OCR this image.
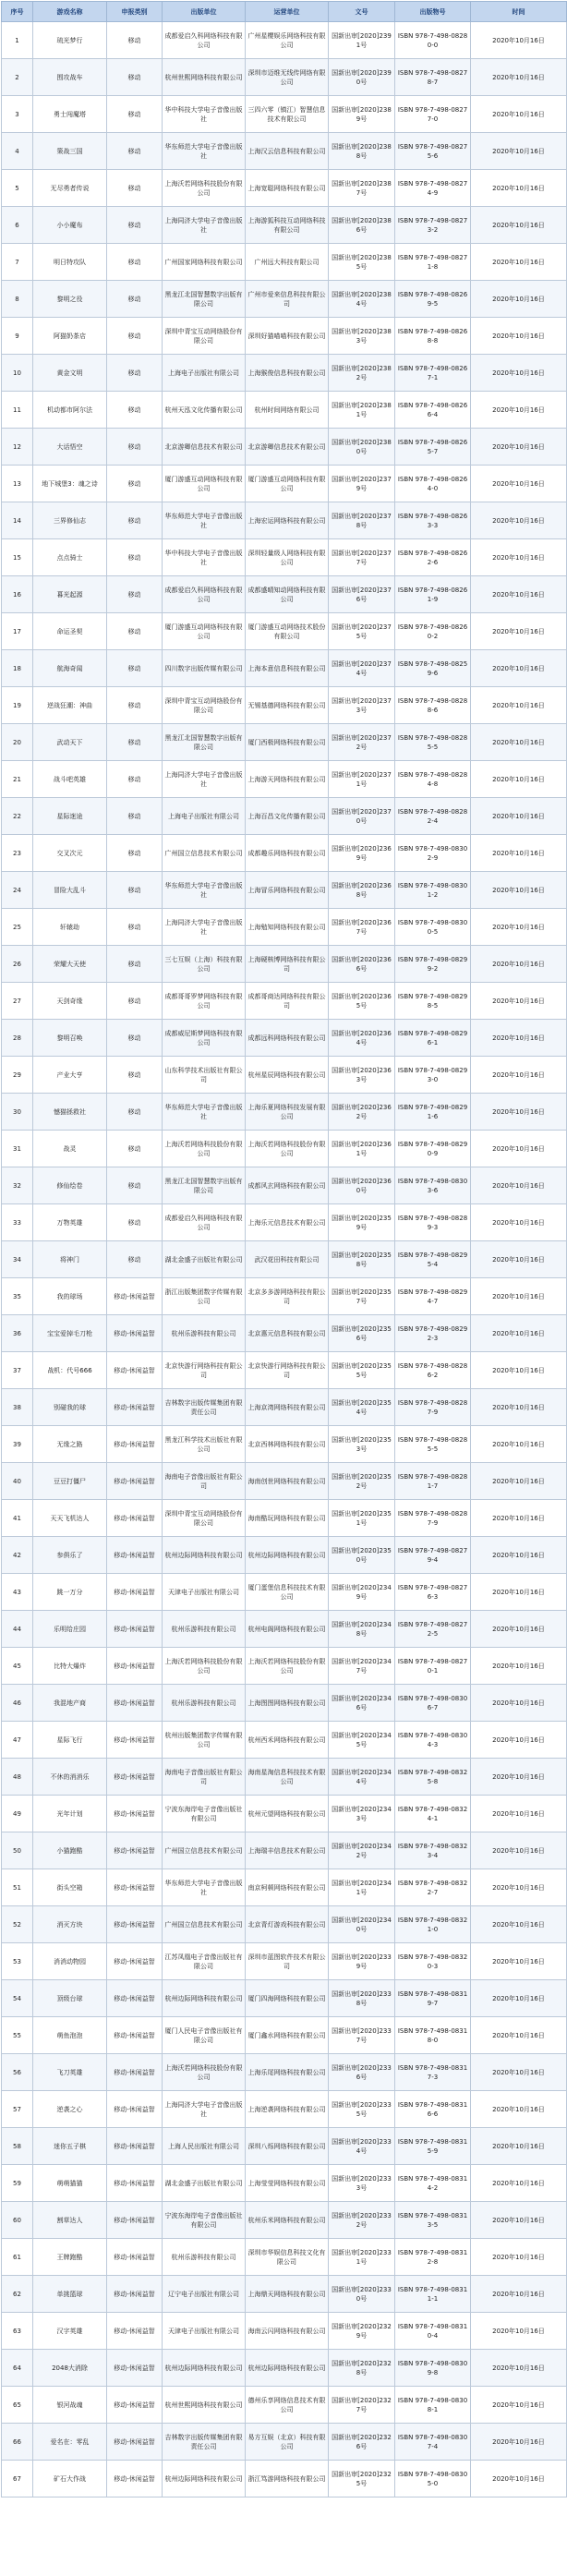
序号	游戏名称	申报类别	出版单位	运营单位	文号	出版物号	时间
1	琉光梦行	移动	成都爱启久科网络科技有限公司	广州星樱娱乐网络科技有限公司	国新出审[2020]2391号	ISBN 978-7-498-08280-0	2020年10月16日
2	围攻战车	移动	杭州世熙网络科技有限公司	深圳市迈维无线传网络有限公司	国新出审[2020]2390号	ISBN 978-7-498-08278-7	2020年10月16日
3	勇士闯魔塔	移动	华中科技大学电子音像出版社	三四六零（镇江）智慧信息技术有限公司	国新出审[2020]2389号	ISBN 978-7-498-08277-0	2020年10月16日
4	策战三国	移动	华东师范大学电子音像出版社	上海汉云信息科技有限公司	国新出审[2020]2388号	ISBN 978-7-498-08275-6	2020年10月16日
5	无尽勇者传说	移动	上海沃若网络科技股份有限公司	上海宽聪网络科技有限公司	国新出审[2020]2387号	ISBN 978-7-498-08274-9	2020年10月16日
6	小小魔布	移动	上海同济大学电子音像出版社	上海游狐科技互动网络科技有限公司	国新出审[2020]2386号	ISBN 978-7-498-08273-2	2020年10月16日
7	明日特攻队	移动	广州国家网络科技有限公司	广州远大科技有限公司	国新出审[2020]2385号	ISBN 978-7-498-08271-8	2020年10月16日
8	黎明之役	移动	黑龙江北国智慧数字出版有限公司	广州市爱来信息科技有限公司	国新出审[2020]2384号	ISBN 978-7-498-08269-5	2020年10月16日
9	阿猫奶茶店	移动	深圳中青宝互动网络股份有限公司	深圳好猫喵喵科技有限公司	国新出审[2020]2383号	ISBN 978-7-498-08268-8	2020年10月16日
10	黄金文明	移动	上海电子出版社有限公司	上海猴俊信息科技有限公司	国新出审[2020]2382号	ISBN 978-7-498-08267-1	2020年10月16日
11	机动都市阿尔法	移动	杭州天泓文化传播有限公司	杭州时间网络有限公司	国新出审[2020]2381号	ISBN 978-7-498-08266-4	2020年10月16日
12	大话悟空	移动	北京游卿信息技术有限公司	北京游卿信息技术有限公司	国新出审[2020]2380号	ISBN 978-7-498-08265-7	2020年10月16日
13	地下城堡3：魂之诗	移动	厦门游盛互动网络科技有限公司	厦门游盛互动网络科技有限公司	国新出审[2020]2379号	ISBN 978-7-498-08264-0	2020年10月16日
14	三界修仙志	移动	华东师范大学电子音像出版社	上海宏运网络科技有限公司	国新出审[2020]2378号	ISBN 978-7-498-08263-3	2020年10月16日
15	点点骑士	移动	华中科技大学电子音像出版社	深圳轻量级人网络科技有限公司	国新出审[2020]2377号	ISBN 978-7-498-08262-6	2020年10月16日
16	暮光起源	移动	成都爱启久科网络科技有限公司	成都盛晴知动网络科技有限公司	国新出审[2020]2376号	ISBN 978-7-498-08261-9	2020年10月16日
17	命运圣契	移动	厦门游盛互动网络科技有限公司	厦门游盛互动网络技术股份有限公司	国新出审[2020]2375号	ISBN 978-7-498-08260-2	2020年10月16日
18	航海奇闻	移动	四川数字出版传媒有限公司	上海本意信息科技有限公司	国新出审[2020]2374号	ISBN 978-7-498-08259-6	2020年10月16日
19	逆战狂潮：神曲	移动	深圳中青宝互动网络股份有限公司	无锡基德网络科技有限公司	国新出审[2020]2373号	ISBN 978-7-498-08288-6	2020年10月16日
20	武动天下	移动	黑龙江北国智慧数字出版有限公司	厦门西极网络科技有限公司	国新出审[2020]2372号	ISBN 978-7-498-08285-5	2020年10月16日
21	战斗吧英雄	移动	上海同济大学电子音像出版社	上海游天网络科技有限公司	国新出审[2020]2371号	ISBN 978-7-498-08284-8	2020年10月16日
22	星际迷途	移动	上海电子出版社有限公司	上海百昌文化传播有限公司	国新出审[2020]2370号	ISBN 978-7-498-08282-4	2020年10月16日
23	交叉次元	移动	广州国立信息技术有限公司	成都趣乐网络科技有限公司	国新出审[2020]2369号	ISBN 978-7-498-08302-9	2020年10月16日
24	冒险大乱斗	移动	华东师范大学电子音像出版社	上海冒乐网络科技有限公司	国新出审[2020]2368号	ISBN 978-7-498-08301-2	2020年10月16日
25	轩辕劫	移动	上海同济大学电子音像出版社	上海勉知网络科技有限公司	国新出审[2020]2367号	ISBN 978-7-498-08300-5	2020年10月16日
26	荣耀大天使	移动	三七互娱（上海）科技有限公司	上海硬核博网络科技有限公司	国新出审[2020]2366号	ISBN 978-7-498-08299-2	2020年10月16日
27	天剑奇缘	移动	成都哥哥罗梦网络科技有限公司	成都哥商达网络科技有限公司	国新出审[2020]2365号	ISBN 978-7-498-08298-5	2020年10月16日
28	黎明召唤	移动	成都威尼斯梦网络科技有限公司	成都远科网络科技有限公司	国新出审[2020]2364号	ISBN 978-7-498-08296-1	2020年10月16日
29	产业大亨	移动	山东科学技术出版社有限公司	杭州星辰网络科技有限公司	国新出审[2020]2363号	ISBN 978-7-498-08293-0	2020年10月16日
30	憾猫拯救社	移动	华东师范大学电子音像出版社	上海乐夏网络科技发展有限公司	国新出审[2020]2362号	ISBN 978-7-498-08291-6	2020年10月16日
31	战灵	移动	上海沃若网络科技股份有限公司	上海沃若网络科技股份有限公司	国新出审[2020]2361号	ISBN 978-7-498-08290-9	2020年10月16日
32	修仙绘卷	移动	黑龙江北国智慧数字出版有限公司	成都风玄网络科技有限公司	国新出审[2020]2360号	ISBN 978-7-498-08303-6	2020年10月16日
33	万物英雄	移动	成都爱启久科网络科技有限公司	上海乐元信息技术有限公司	国新出审[2020]2359号	ISBN 978-7-498-08289-3	2020年10月16日
34	将神门	移动	湖北金盛子出版社有限公司	武汉花田科技有限公司	国新出审[2020]2358号	ISBN 978-7-498-08295-4	2020年10月16日
35	我的球场	移动-休闲益智	浙江出版集团数字传媒有限公司	北京多多游网络科技有限公司	国新出审[2020]2357号	ISBN 978-7-498-08294-7	2020年10月16日
36	宝宝爱掉毛刀枪	移动-休闲益智	杭州乐游科技有限公司	北京惠元信息科技有限公司	国新出审[2020]2356号	ISBN 978-7-498-08292-3	2020年10月16日
37	战机：代号666	移动-休闲益智	北京快游行网络科技有限公司	北京快游行网络科技有限公司	国新出审[2020]2355号	ISBN 978-7-498-08286-2	2020年10月16日
38	别碰我的球	移动-休闲益智	吉林数字出版传媒集团有限责任公司	上海京湾网络科技有限公司	国新出审[2020]2354号	ISBN 978-7-498-08287-9	2020年10月16日
39	无缘之路	移动-休闲益智	黑龙江科学技术出版社有限公司	北京西林网络科技有限公司	国新出审[2020]2353号	ISBN 978-7-498-08285-5	2020年10月16日
40	豆豆打僵尸	移动-休闲益智	海南电子音像出版社有限公司	海南创世网络科技有限公司	国新出审[2020]2352号	ISBN 978-7-498-08281-7	2020年10月16日
41	天天飞机达人	移动-休闲益智	深圳中青宝互动网络股份有限公司	海南酷玩网络科技有限公司	国新出审[2020]2351号	ISBN 978-7-498-08287-9	2020年10月16日
42	参俱乐了	移动-休闲益智	杭州边际网络科技有限公司	杭州边际网络科技有限公司	国新出审[2020]2350号	ISBN 978-7-498-08279-4	2020年10月16日
43	跳一万分	移动-休闲益智	天津电子出版社有限公司	厦门蛋堡信息科技技术有限公司	国新出审[2020]2349号	ISBN 978-7-498-08276-3	2020年10月16日
44	乐明给庄园	移动-休闲益智	杭州乐游科技有限公司	杭州电阁网络科技有限公司	国新出审[2020]2348号	ISBN 978-7-498-08272-5	2020年10月16日
45	比特大爆炸	移动-休闲益智	上海沃若网络科技股份有限公司	上海沃若网络科技股份有限公司	国新出审[2020]2347号	ISBN 978-7-498-08270-1	2020年10月16日
46	我混地产商	移动-休闲益智	杭州乐游科技有限公司	上海图图网络科技有限公司	国新出审[2020]2346号	ISBN 978-7-498-08306-7	2020年10月16日
47	星际飞行	移动-休闲益智	杭州出版集团数字传媒有限公司	杭州西禾网络科技有限公司	国新出审[2020]2345号	ISBN 978-7-498-08304-3	2020年10月16日
48	不休的消消乐	移动-休闲益智	海南电子音像出版社有限公司	海南星淘信息科技技术有限公司	国新出审[2020]2344号	ISBN 978-7-498-08325-8	2020年10月16日
49	光年计划	移动-休闲益智	宁波东海岸电子音像出版社有限公司	杭州元望网络科技有限公司	国新出审[2020]2343号	ISBN 978-7-498-08324-1	2020年10月16日
50	小猫跑酷	移动-休闲益智	广州国立信息技术有限公司	上海瑞丰信息技术有限公司	国新出审[2020]2342号	ISBN 978-7-498-08323-4	2020年10月16日
51	街头空箱	移动-休闲益智	华东师范大学电子音像出版社	南京柯顿网络科技有限公司	国新出审[2020]2341号	ISBN 978-7-498-08322-7	2020年10月16日
52	消灭方块	移动-休闲益智	广州国立信息技术有限公司	北京青灯游戏科技有限公司	国新出审[2020]2340号	ISBN 978-7-498-08321-0	2020年10月16日
53	消消动物园	移动-休闲益智	江苏凤凰电子音像出版社有限公司	深圳市蓝图软件技术有限公司	国新出审[2020]2339号	ISBN 978-7-498-08320-3	2020年10月16日
54	顶级台球	移动-休闲益智	杭州边际网络科技有限公司	厦门四海网络科技有限公司	国新出审[2020]2338号	ISBN 978-7-498-08319-7	2020年10月16日
55	萌鱼泡泡	移动-休闲益智	厦门人民电子音像出版社有限公司	厦门鑫水网络科技有限公司	国新出审[2020]2337号	ISBN 978-7-498-08318-0	2020年10月16日
56	飞刀英雄	移动-休闲益智	上海沃若网络科技股份有限公司	上海乐尾网络科技有限公司	国新出审[2020]2336号	ISBN 978-7-498-08317-3	2020年10月16日
57	逆袭之心	移动-休闲益智	上海同济大学电子音像出版社	上海逆袭网络科技有限公司	国新出审[2020]2335号	ISBN 978-7-498-08316-6	2020年10月16日
58	迷你五子棋	移动-休闲益智	上海人民出版社有限公司	深圳八烁网络科技有限公司	国新出审[2020]2334号	ISBN 978-7-498-08315-9	2020年10月16日
59	萌萌猫猫	移动-休闲益智	湖北金盛子出版社有限公司	上海莹莹网络科技有限公司	国新出审[2020]2333号	ISBN 978-7-498-08314-2	2020年10月16日
60	割草达人	移动-休闲益智	宁波东海岸电子音像出版社有限公司	杭州乐米网络科技有限公司	国新出审[2020]2332号	ISBN 978-7-498-08313-5	2020年10月16日
61	王牌跑酷	移动-休闲益智	杭州乐游科技有限公司	深圳市华娱信息科技文化有限公司	国新出审[2020]2331号	ISBN 978-7-498-08312-8	2020年10月16日
62	单挑篮球	移动-休闲益智	辽宁电子出版社有限公司	上海鼎天网络科技有限公司	国新出审[2020]2330号	ISBN 978-7-498-08311-1	2020年10月16日
63	汉字英雄	移动-休闲益智	天津电子出版社有限公司	海南云闪网络科技有限公司	国新出审[2020]2329号	ISBN 978-7-498-08310-4	2020年10月16日
64	2048大消除	移动-休闲益智	杭州边际网络科技有限公司	杭州边际网络科技有限公司	国新出审[2020]2328号	ISBN 978-7-498-08309-8	2020年10月16日
65	银河战魂	移动-休闲益智	杭州世熙网络科技有限公司	德州乐享网络信息技术有限公司	国新出审[2020]2327号	ISBN 978-7-498-08308-1	2020年10月16日
66	爱名在：零乱	移动-休闲益智	吉林数字出版传媒集团有限责任公司	易方互娱（北京）科技有限公司	国新出审[2020]2326号	ISBN 978-7-498-08307-4	2020年10月16日
67	矿石大作战	移动-休闲益智	杭州边际网络科技有限公司	浙江笃游网络科技有限公司	国新出审[2020]2325号	ISBN 978-7-498-08305-0	2020年10月16日
